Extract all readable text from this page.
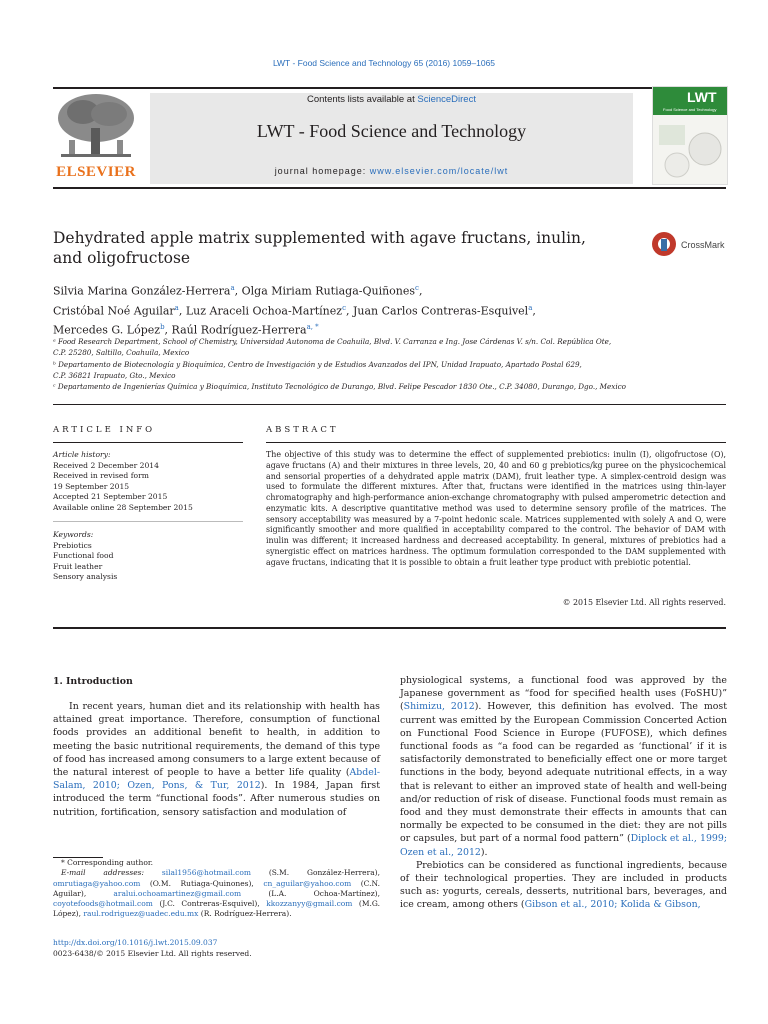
LWT - Food Science and Technology 65 (2016) 1059–1065
ELSEVIER
Contents lists available at ScienceDirect
LWT - Food Science and Technology
journal homepage: www.elsevier.com/locate/lwt
LWT
Food Science and Technology
Dehydrated apple matrix supplemented with agave fructans, inulin,
and oligofructose
CrossMark
Silvia Marina González-Herrera$^a$, Olga Miriam Rutiaga-Quiñones$^c$,
Cristóbal Noé Aguilar$^a$, Luz Araceli Ochoa-Martínez$^c$, Juan Carlos Contreras-Esquivel$^a$,
Mercedes G. López$^b$, Raúl Rodríguez-Herrera$^{a, *}$
ᵃ Food Research Department, School of Chemistry, Universidad Autonoma de Coahuila, Blvd. V. Carranza e Ing. Jose Cárdenas V. s/n. Col. República Ote,
C.P. 25280, Saltillo, Coahuila, Mexico
ᵇ Departamento de Biotecnología y Bioquímica, Centro de Investigación y de Estudios Avanzados del IPN, Unidad Irapuato, Apartado Postal 629,
C.P. 36821 Irapuato, Gto., Mexico
ᶜ Departamento de Ingenierías Química y Bioquímica, Instituto Tecnológico de Durango, Blvd. Felipe Pescador 1830 Ote., C.P. 34080, Durango, Dgo., Mexico
ARTICLE INFO
Article history:
Received 2 December 2014
Received in revised form
19 September 2015
Accepted 21 September 2015
Available online 28 September 2015
Keywords:
Prebiotics
Functional food
Fruit leather
Sensory analysis
ABSTRACT
The objective of this study was to determine the effect of supplemented prebiotics: inulin (I), oligofructose (O), agave fructans (A) and their mixtures in three levels, 20, 40 and 60 g prebiotics/kg puree on the physicochemical and sensorial properties of a dehydrated apple matrix (DAM), fruit leather type. A simplex-centroid design was used to formulate the different mixtures. After that, fructans were identified in the matrices using thin-layer chromatography and high-performance anion-exchange chromatography with pulsed amperometric detection and enzymatic kits. A descriptive quantitative method was used to determine sensory profile of the matrices. The sensory acceptability was measured by a 7-point hedonic scale. Matrices supplemented with solely A and O, were significantly smoother and more qualified in acceptability compared to the control. The behavior of DAM with inulin was different; it increased hardness and decreased acceptability. In general, mixtures of prebiotics had a synergistic effect on matrices hardness. The optimum formulation corresponded to the DAM supplemented with agave fructans, indicating that it is possible to obtain a fruit leather type product with prebiotic potential.
© 2015 Elsevier Ltd. All rights reserved.
1. Introduction

In recent years, human diet and its relationship with health has attained great importance. Therefore, consumption of functional foods provides an additional benefit to health, in addition to meeting the basic nutritional requirements, the demand of this type of food has increased among consumers to a large extent because of the natural interest of people to have a better life quality (Abdel-Salam, 2010; Ozen, Pons, & Tur, 2012). In 1984, Japan first introduced the term “functional foods”. After numerous studies on nutrition, fortification, sensory satisfaction and modulation of

* Corresponding author.
E-mail addresses: silal1956@hotmail.com (S.M. González-Herrera), omrutiaga@yahoo.com (O.M. Rutiaga-Quinones), cn_aguilar@yahoo.com (C.N. Aguilar), aralui.ochoamartinez@gmail.com (L.A. Ochoa-Martínez), coyotefoods@hotmail.com (J.C. Contreras-Esquivel), kkozzanyy@gmail.com (M.G. López), raul.rodriguez@uadec.edu.mx (R. Rodríguez-Herrera).
http://dx.doi.org/10.1016/j.lwt.2015.09.037
0023-6438/© 2015 Elsevier Ltd. All rights reserved.

physiological systems, a functional food was approved by the Japanese government as “food for specified health uses (FoSHU)” (Shimizu, 2012). However, this definition has evolved. The most current was emitted by the European Commission Concerted Action on Functional Food Science in Europe (FUFOSE), which defines functional foods as “a food can be regarded as ‘functional’ if it is satisfactorily demonstrated to beneficially effect one or more target functions in the body, beyond adequate nutritional effects, in a way that is relevant to either an improved state of health and well-being and/or reduction of risk of disease. Functional foods must remain as food and they must demonstrate their effects in amounts that can normally be expected to be consumed in the diet: they are not pills or capsules, but part of a normal food pattern” (Diplock et al., 1999; Ozen et al., 2012).

Prebiotics can be considered as functional ingredients, because of their technological properties. They are included in products such as: yogurts, cereals, desserts, nutritional bars, beverages, and ice cream, among others (Gibson et al., 2010; Kolida & Gibson,
